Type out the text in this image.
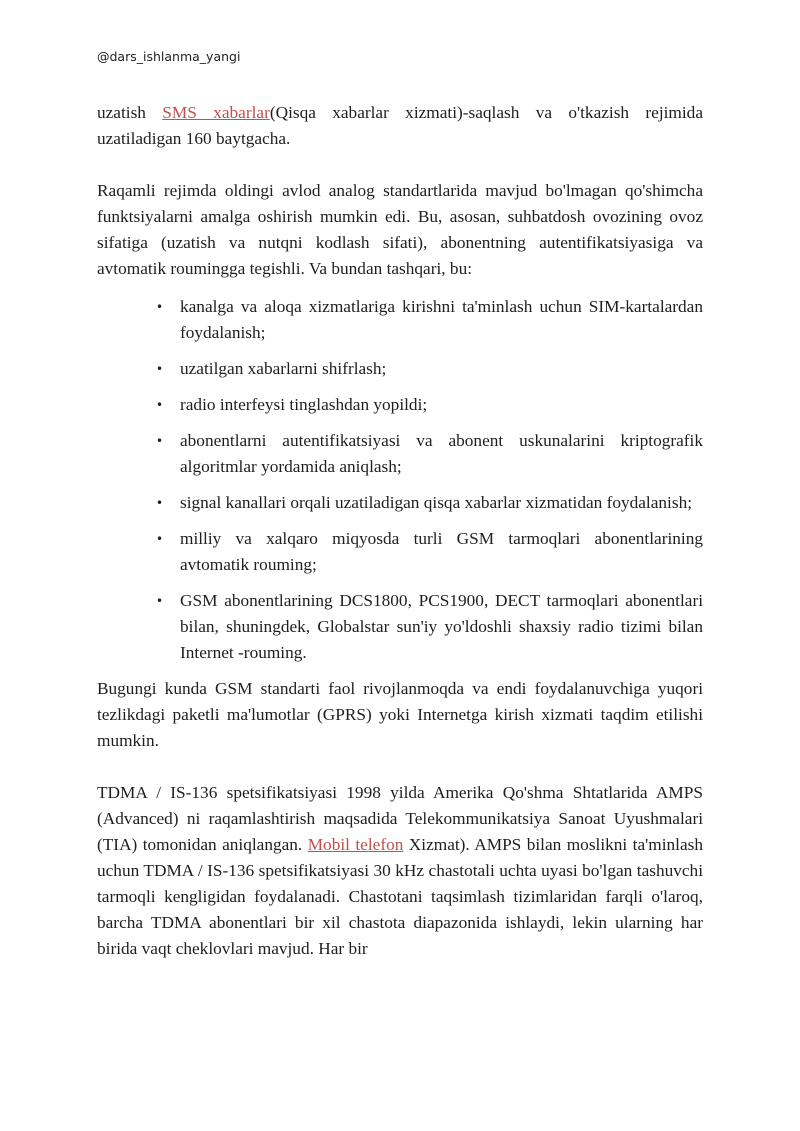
@dars_ishlanma_yangi

uzatish SMS xabarlar(Qisqa xabarlar xizmati)-saqlash va o'tkazish rejimida uzatiladigan 160 baytgacha.

Raqamli rejimda oldingi avlod analog standartlarida mavjud bo'lmagan qo'shimcha funktsiyalarni amalga oshirish mumkin edi. Bu, asosan, suhbatdosh ovozining ovoz sifatiga (uzatish va nutqni kodlash sifati), abonentning autentifikatsiyasiga va avtomatik roumingga tegishli. Va bundan tashqari, bu:

• kanalga va aloqa xizmatlariga kirishni ta'minlash uchun SIM-kartalardan foydalanish;
• uzatilgan xabarlarni shifrlash;
• radio interfeysi tinglashdan yopildi;
• abonentlarni autentifikatsiyasi va abonent uskunalarini kriptografik algoritmlar yordamida aniqlash;
• signal kanallari orqali uzatiladigan qisqa xabarlar xizmatidan foydalanish;
• milliy va xalqaro miqyosda turli GSM tarmoqlari abonentlarining avtomatik rouming;
• GSM abonentlarining DCS1800, PCS1900, DECT tarmoqlari abonentlari bilan, shuningdek, Globalstar sun'iy yo'ldoshli shaxsiy radio tizimi bilan Internet -rouming.

Bugungi kunda GSM standarti faol rivojlanmoqda va endi foydalanuvchiga yuqori tezlikdagi paketli ma'lumotlar (GPRS) yoki Internetga kirish xizmati taqdim etilishi mumkin.

TDMA / IS-136 spetsifikatsiyasi 1998 yilda Amerika Qo'shma Shtatlarida AMPS (Advanced) ni raqamlashtirish maqsadida Telekommunikatsiya Sanoat Uyushmalari (TIA) tomonidan aniqlangan. Mobil telefon Xizmat). AMPS bilan moslikni ta'minlash uchun TDMA / IS-136 spetsifikatsiyasi 30 kHz chastotali uchta uyasi bo'lgan tashuvchi tarmoqli kengligidan foydalanadi. Chastotani taqsimlash tizimlaridan farqli o'laroq, barcha TDMA abonentlari bir xil chastota diapazonida ishlaydi, lekin ularning har birida vaqt cheklovlari mavjud. Har bir
